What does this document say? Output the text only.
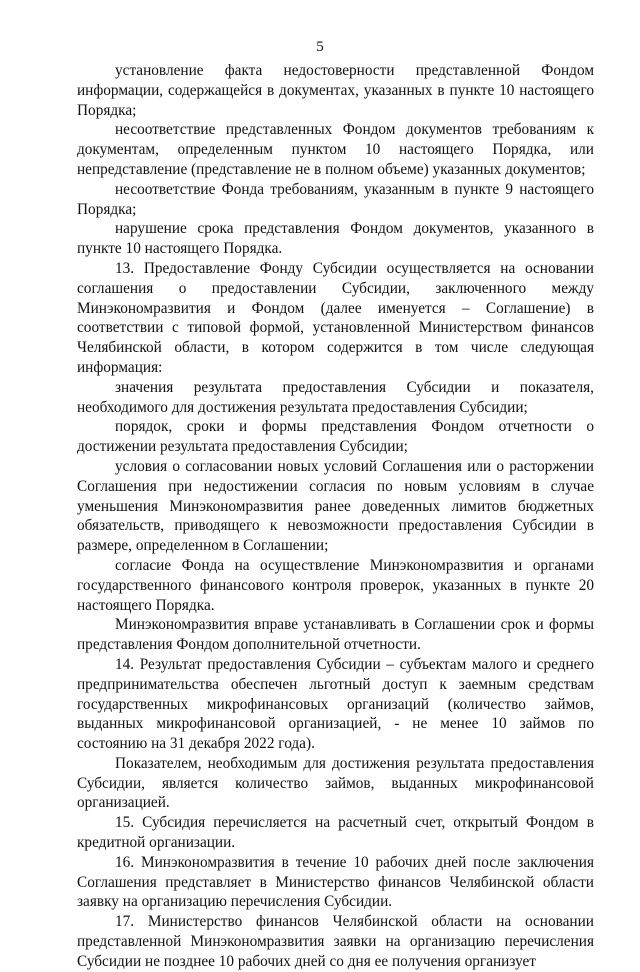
5

установление факта недостоверности представленной Фондом информации, содержащейся в документах, указанных в пункте 10 настоящего Порядка;

несоответствие представленных Фондом документов требованиям к документам, определенным пунктом 10 настоящего Порядка, или непредставление (представление не в полном объеме) указанных документов;

несоответствие Фонда требованиям, указанным в пункте 9 настоящего Порядка;

нарушение срока представления Фондом документов, указанного в пункте 10 настоящего Порядка.

13. Предоставление Фонду Субсидии осуществляется на основании соглашения о предоставлении Субсидии, заключенного между Минэкономразвития и Фондом (далее именуется – Соглашение) в соответствии с типовой формой, установленной Министерством финансов Челябинской области, в котором содержится в том числе следующая информация:

значения результата предоставления Субсидии и показателя, необходимого для достижения результата предоставления Субсидии;

порядок, сроки и формы представления Фондом отчетности о достижении результата предоставления Субсидии;

условия о согласовании новых условий Соглашения или о расторжении Соглашения при недостижении согласия по новым условиям в случае уменьшения Минэкономразвития ранее доведенных лимитов бюджетных обязательств, приводящего к невозможности предоставления Субсидии в размере, определенном в Соглашении;

согласие Фонда на осуществление Минэкономразвития и органами государственного финансового контроля проверок, указанных в пункте 20 настоящего Порядка.

Минэкономразвития вправе устанавливать в Соглашении срок и формы представления Фондом дополнительной отчетности.

14. Результат предоставления Субсидии – субъектам малого и среднего предпринимательства обеспечен льготный доступ к заемным средствам государственных микрофинансовых организаций (количество займов, выданных микрофинансовой организацией, - не менее 10 займов по состоянию на 31 декабря 2022 года).

Показателем, необходимым для достижения результата предоставления Субсидии, является количество займов, выданных микрофинансовой организацией.

15. Субсидия перечисляется на расчетный счет, открытый Фондом в кредитной организации.

16. Минэкономразвития в течение 10 рабочих дней после заключения Соглашения представляет в Министерство финансов Челябинской области заявку на организацию перечисления Субсидии.

17. Министерство финансов Челябинской области на основании представленной Минэкономразвития заявки на организацию перечисления Субсидии не позднее 10 рабочих дней со дня ее получения организует
